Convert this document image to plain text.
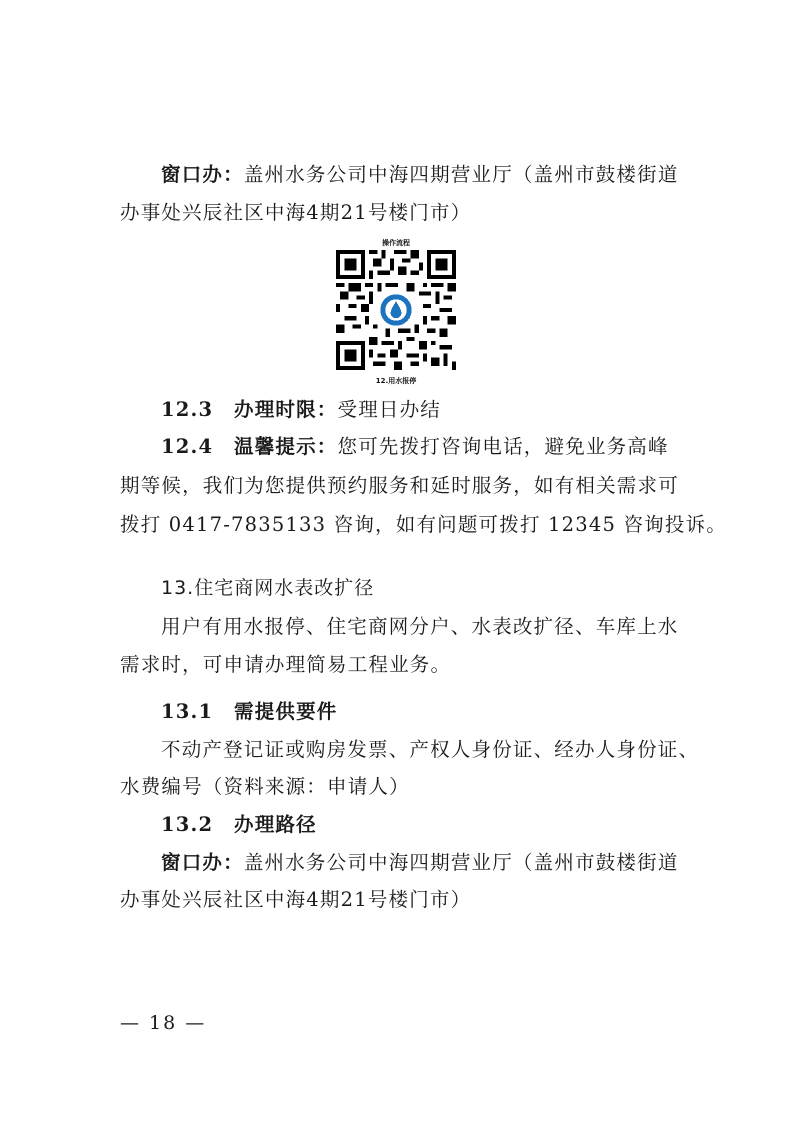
窗口办：盖州水务公司中海四期营业厅（盖州市鼓楼街道
办事处兴辰社区中海4期21号楼门市）
操作流程
12.用水报停
12.3　办理时限：受理日办结
12.4　温馨提示：您可先拨打咨询电话，避免业务高峰
期等候，我们为您提供预约服务和延时服务，如有相关需求可
拨打 0417-7835133 咨询，如有问题可拨打 12345 咨询投诉。
13.住宅商网水表改扩径
用户有用水报停、住宅商网分户、水表改扩径、车库上水
需求时，可申请办理简易工程业务。
13.1　需提供要件
不动产登记证或购房发票、产权人身份证、经办人身份证、
水费编号（资料来源：申请人）
13.2　办理路径
窗口办：盖州水务公司中海四期营业厅（盖州市鼓楼街道
办事处兴辰社区中海4期21号楼门市）
— 18 —
